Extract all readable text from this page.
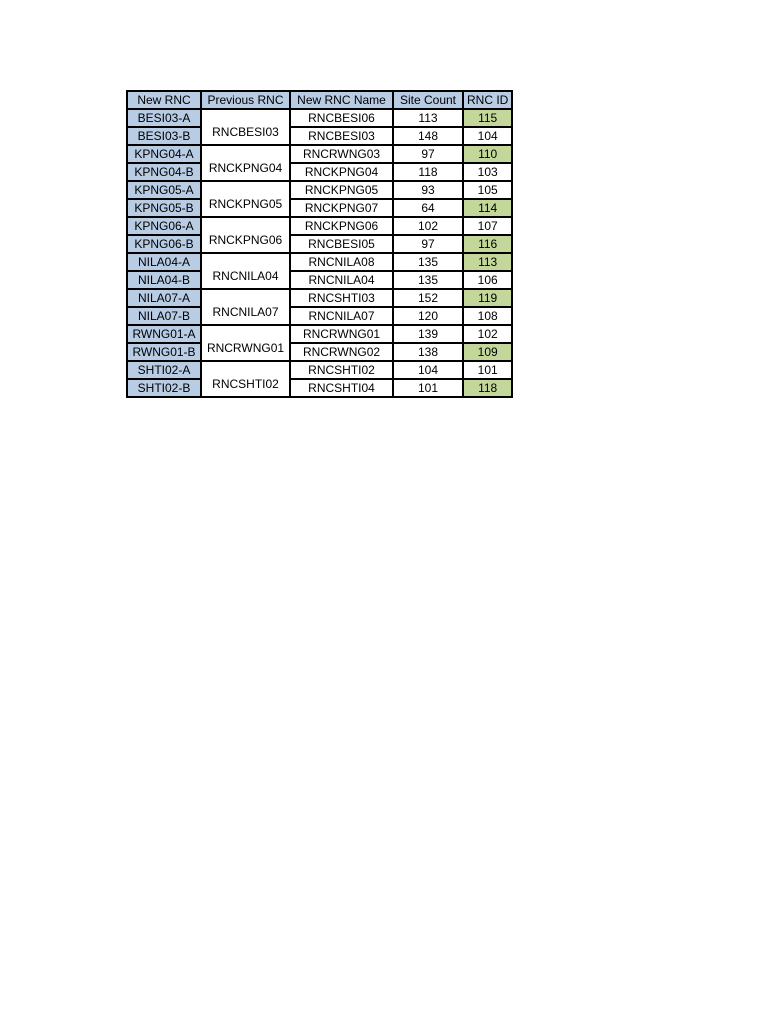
New RNC	Previous RNC	New RNC Name	Site Count	RNC ID
BESI03-A	RNCBESI03	RNCBESI06	113	115
BESI03-B		RNCBESI03	148	104
KPNG04-A	RNCKPNG04	RNCRWNG03	97	110
KPNG04-B		RNCKPNG04	118	103
KPNG05-A	RNCKPNG05	RNCKPNG05	93	105
KPNG05-B		RNCKPNG07	64	114
KPNG06-A	RNCKPNG06	RNCKPNG06	102	107
KPNG06-B		RNCBESI05	97	116
NILA04-A	RNCNILA04	RNCNILA08	135	113
NILA04-B		RNCNILA04	135	106
NILA07-A	RNCNILA07	RNCSHTI03	152	119
NILA07-B		RNCNILA07	120	108
RWNG01-A	RNCRWNG01	RNCRWNG01	139	102
RWNG01-B		RNCRWNG02	138	109
SHTI02-A	RNCSHTI02	RNCSHTI02	104	101
SHTI02-B		RNCSHTI04	101	118
